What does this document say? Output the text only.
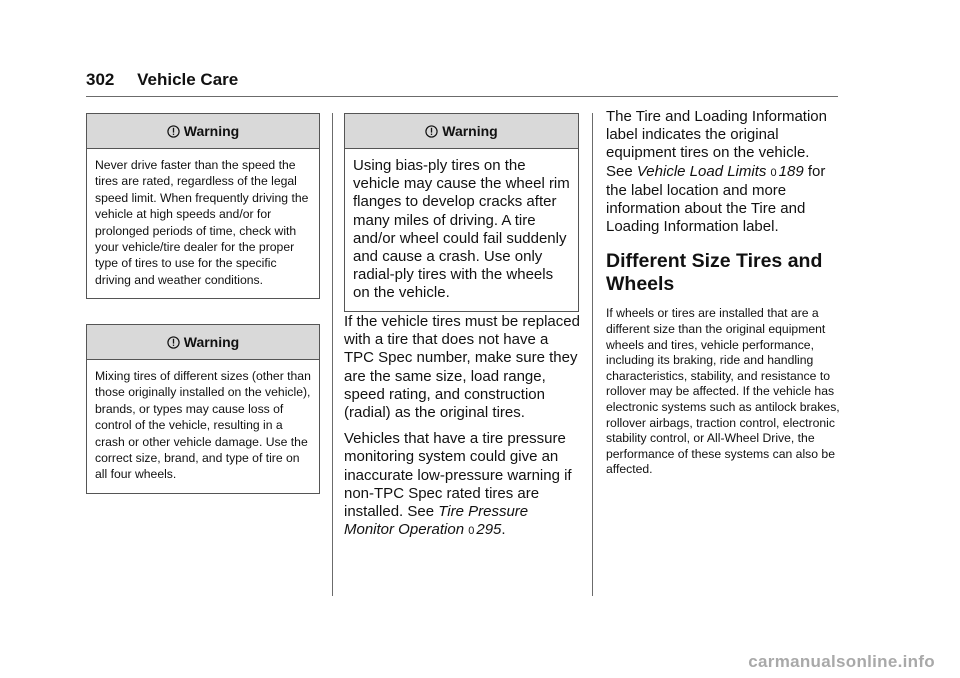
302 Vehicle Care
Warning
Never drive faster than the speed the tires are rated, regardless of the legal speed limit. When frequently driving the vehicle at high speeds and/or for prolonged periods of time, check with your vehicle/tire dealer for the proper type of tires to use for the specific driving and weather conditions.
Warning
Mixing tires of different sizes (other than those originally installed on the vehicle), brands, or types may cause loss of control of the vehicle, resulting in a crash or other vehicle damage. Use the correct size, brand, and type of tire on all four wheels.
Warning
Using bias-ply tires on the vehicle may cause the wheel rim flanges to develop cracks after many miles of driving. A tire and/or wheel could fail suddenly and cause a crash. Use only radial-ply tires with the wheels on the vehicle.

If the vehicle tires must be replaced with a tire that does not have a TPC Spec number, make sure they are the same size, load range, speed rating, and construction (radial) as the original tires.

Vehicles that have a tire pressure monitoring system could give an inaccurate low-pressure warning if non-TPC Spec rated tires are installed. See Tire Pressure Monitor Operation 0 295.

The Tire and Loading Information label indicates the original equipment tires on the vehicle. See Vehicle Load Limits 0 189 for the label location and more information about the Tire and Loading Information label.

Different Size Tires and Wheels

If wheels or tires are installed that are a different size than the original equipment wheels and tires, vehicle performance, including its braking, ride and handling characteristics, stability, and resistance to rollover may be affected. If the vehicle has electronic systems such as antilock brakes, rollover airbags, traction control, electronic stability control, or All-Wheel Drive, the performance of these systems can also be affected.

carmanualsonline.info
